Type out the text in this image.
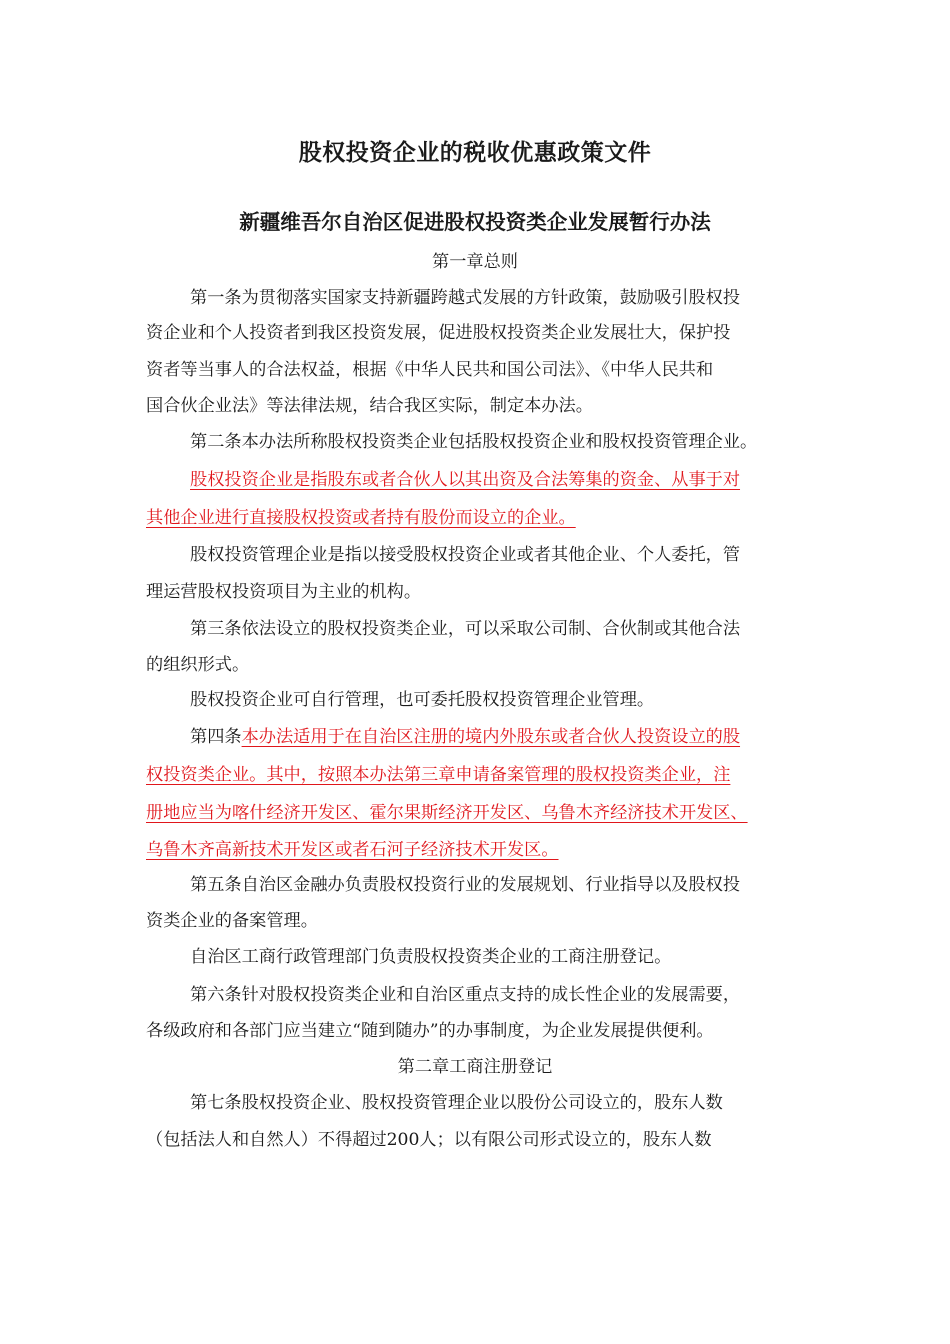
股权投资企业的税收优惠政策文件
新疆维吾尔自治区促进股权投资类企业发展暂行办法
第一章总则
第一条为贯彻落实国家支持新疆跨越式发展的方针政策，鼓励吸引股权投
资企业和个人投资者到我区投资发展，促进股权投资类企业发展壮大，保护投
资者等当事人的合法权益，根据《中华人民共和国公司法》、《中华人民共和
国合伙企业法》等法律法规，结合我区实际，制定本办法。
第二条本办法所称股权投资类企业包括股权投资企业和股权投资管理企业。
股权投资企业是指股东或者合伙人以其出资及合法筹集的资金、从事于对
其他企业进行直接股权投资或者持有股份而设立的企业。
股权投资管理企业是指以接受股权投资企业或者其他企业、个人委托，管
理运营股权投资项目为主业的机构。
第三条依法设立的股权投资类企业，可以采取公司制、合伙制或其他合法
的组织形式。
股权投资企业可自行管理，也可委托股权投资管理企业管理。
第四条本办法适用于在自治区注册的境内外股东或者合伙人投资设立的股
权投资类企业。其中，按照本办法第三章申请备案管理的股权投资类企业，注
册地应当为喀什经济开发区、霍尔果斯经济开发区、乌鲁木齐经济技术开发区、
乌鲁木齐高新技术开发区或者石河子经济技术开发区。
第五条自治区金融办负责股权投资行业的发展规划、行业指导以及股权投
资类企业的备案管理。
自治区工商行政管理部门负责股权投资类企业的工商注册登记。
第六条针对股权投资类企业和自治区重点支持的成长性企业的发展需要，
各级政府和各部门应当建立“随到随办”的办事制度，为企业发展提供便利。
第二章工商注册登记
第七条股权投资企业、股权投资管理企业以股份公司设立的，股东人数
（包括法人和自然人）不得超过200人；以有限公司形式设立的，股东人数
